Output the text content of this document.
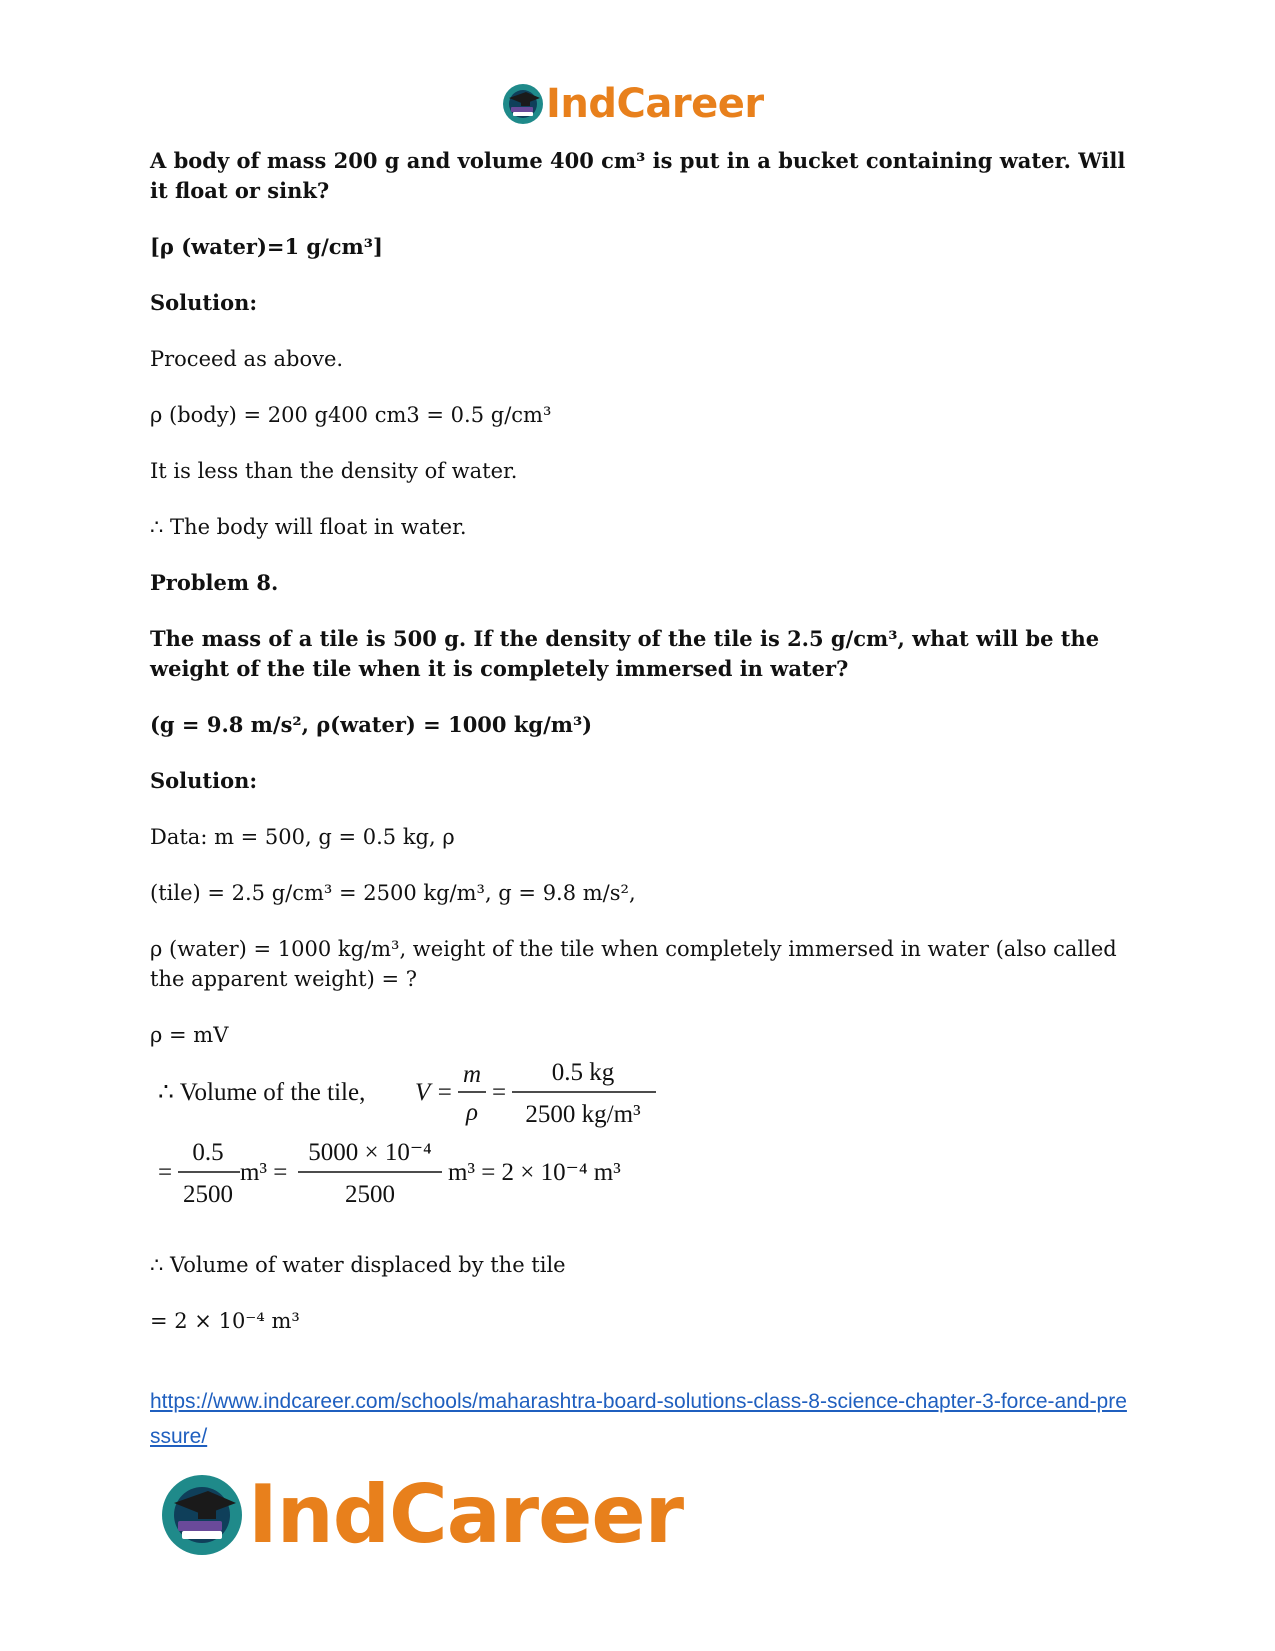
IndCareer

A body of mass 200 g and volume 400 cm³ is put in a bucket containing water. Will it float or sink?

[ρ (water)=1 g/cm³]

Solution:

Proceed as above.

ρ (body) = 200 g400 cm3 = 0.5 g/cm³

It is less than the density of water.

∴ The body will float in water.

Problem 8.

The mass of a tile is 500 g. If the density of the tile is 2.5 g/cm³, what will be the weight of the tile when it is completely immersed in water?

(g = 9.8 m/s², ρ(water) = 1000 kg/m³)

Solution:

Data: m = 500, g = 0.5 kg, ρ

(tile) = 2.5 g/cm³ = 2500 kg/m³, g = 9.8 m/s²,

ρ (water) = 1000 kg/m³, weight of the tile when completely immersed in water (also called the apparent weight) = ?

ρ = mV

∴ Volume of the tile, V =
m
ρ
=
0.5 kg
2500 kg/m³
=
0.5
2500
m³ =
5000 × 10⁻⁴
2500
m³ = 2 × 10⁻⁴ m³

∴ Volume of water displaced by the tile

= 2 × 10⁻⁴ m³

https://www.indcareer.com/schools/maharashtra-board-solutions-class-8-science-chapter-3-force-and-pressure/
IndCareer
